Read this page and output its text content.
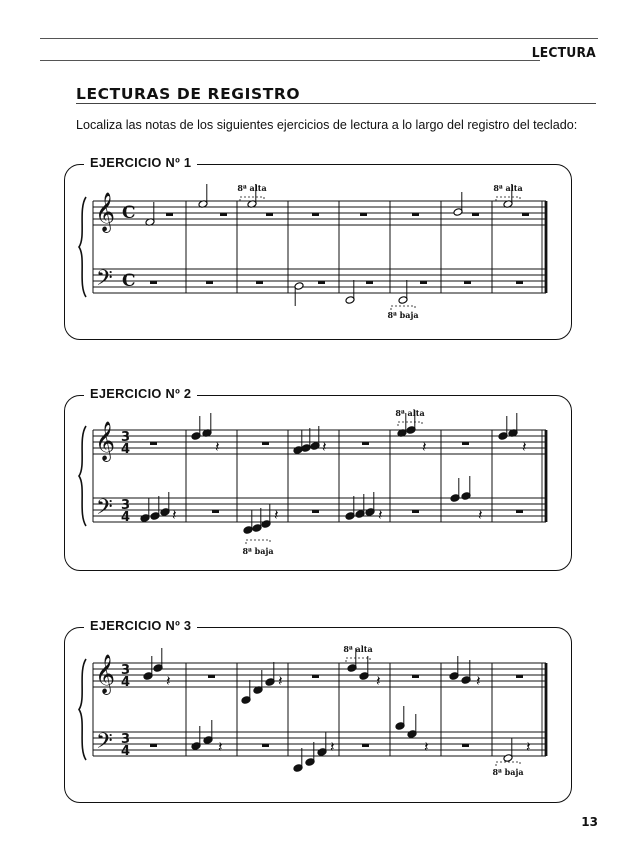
LECTURA
LECTURAS DE REGISTRO
Localiza las notas de los siguientes ejercicios de lectura a lo largo del registro del teclado:
EJERCICIO Nº 1
EJERCICIO Nº 2
EJERCICIO Nº 3
𝄞
𝄢
C
C
𝄞
𝄢
3
4
3
4
𝄞
𝄢
3
4
3
4
8ª alta	8ª alta
8ª baja
𝄽	𝄽	𝄽
8ª alta
𝄽
𝄽	𝄽
8ª baja
𝄽	𝄽
𝄽	𝄽	𝄽
8ª alta
𝄽
𝄽	𝄽	𝄽	𝄽
8ª baja
13
